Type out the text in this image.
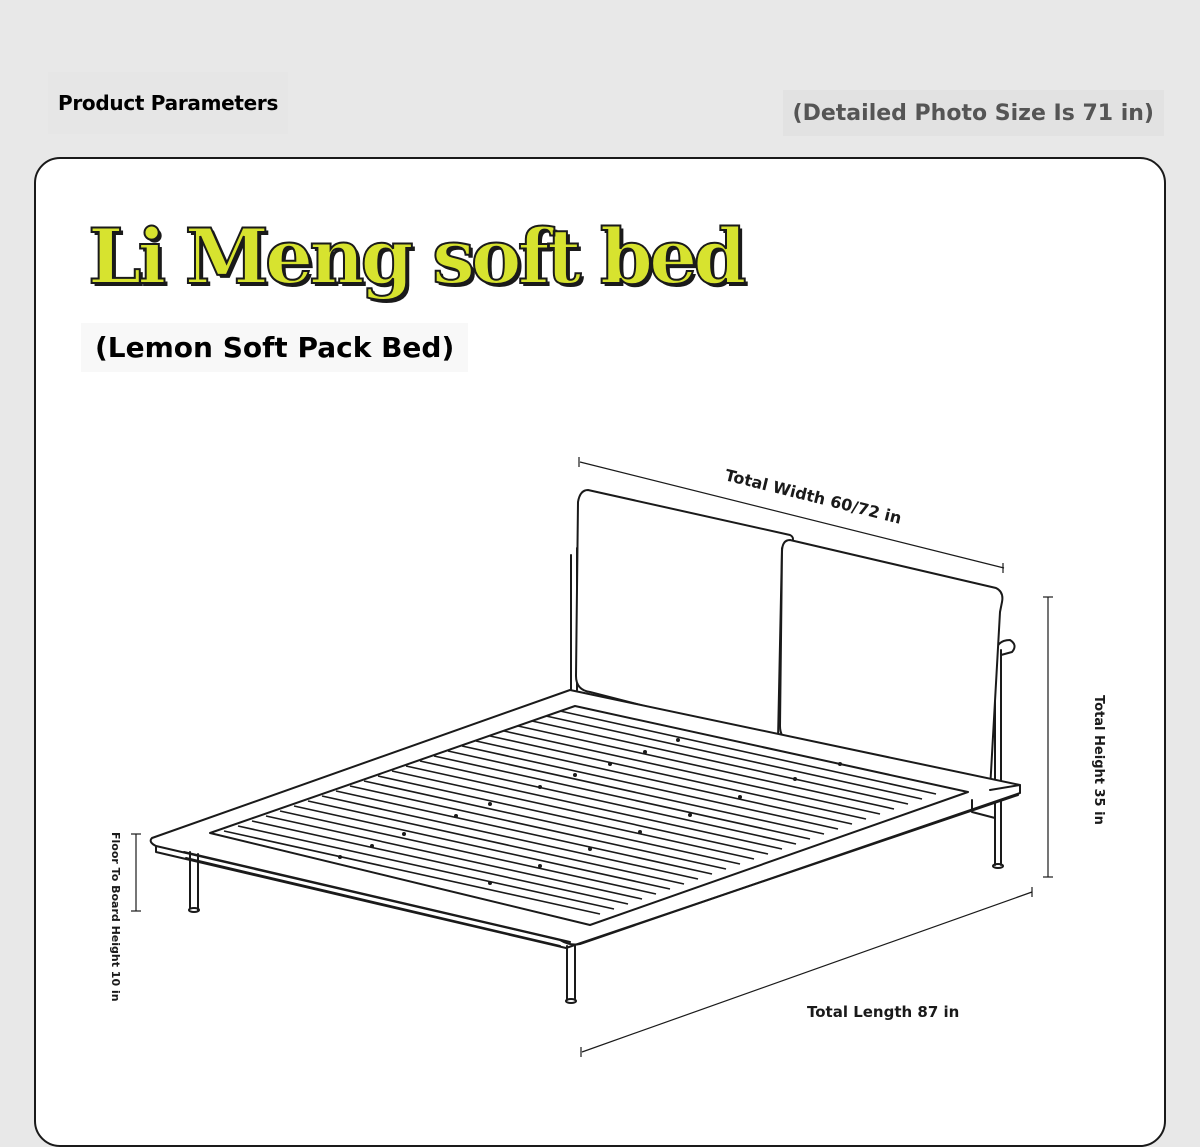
Product Parameters	(Detailed Photo Size Is 71 in)
Li Meng soft bed
(Lemon Soft Pack Bed)
Total Width 60/72 in
Total Height 35 in
Total Length 87 in
Floor To Board Height 10 in
